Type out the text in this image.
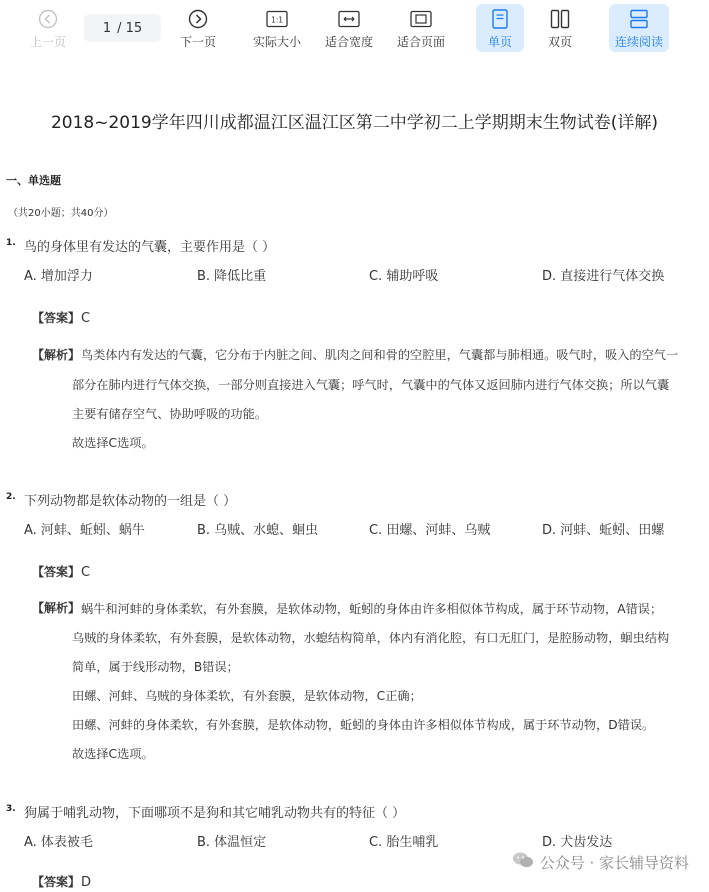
上一页
1 / 15
下一页
1:1
实际大小 适合宽度 适合页面	单页	双页	连续阅读
2018~2019学年四川成都温江区温江区第二中学初二上学期期末生物试卷(详解)
一、单选题
（共20小题；共40分）
1. 鸟的身体里有发达的气囊，主要作用是（ ）
A. 增加浮力	B. 降低比重	C. 辅助呼吸	D. 直接进行气体交换
【答案】 C
【解析】 鸟类体内有发达的气囊，它分布于内脏之间、肌肉之间和骨的空腔里，气囊都与肺相通。吸气时，吸入的空气一
部分在肺内进行气体交换，一部分则直接进入气囊；呼气时，气囊中的气体又返回肺内进行气体交换；所以气囊
主要有储存空气、协助呼吸的功能。
故选择C选项。
2. 下列动物都是软体动物的一组是（ ）
A. 河蚌、蚯蚓、蜗牛	B. 乌贼、水螅、蛔虫	C. 田螺、河蚌、乌贼	D. 河蚌、蚯蚓、田螺
【答案】 C
【解析】 蜗牛和河蚌的身体柔软，有外套膜，是软体动物，蚯蚓的身体由许多相似体节构成，属于环节动物，A错误；
乌贼的身体柔软，有外套膜，是软体动物，水螅结构简单，体内有消化腔，有口无肛门，是腔肠动物，蛔虫结构
简单，属于线形动物，B错误；
田螺、河蚌、乌贼的身体柔软，有外套膜，是软体动物，C正确；
田螺、河蚌的身体柔软，有外套膜，是软体动物，蚯蚓的身体由许多相似体节构成，属于环节动物，D错误。
故选择C选项。
3. 狗属于哺乳动物，下面哪项不是狗和其它哺乳动物共有的特征（ ）
A. 体表被毛	B. 体温恒定	C. 胎生哺乳	D. 犬齿发达
【答案】 D
公众号 · 家长辅导资料
